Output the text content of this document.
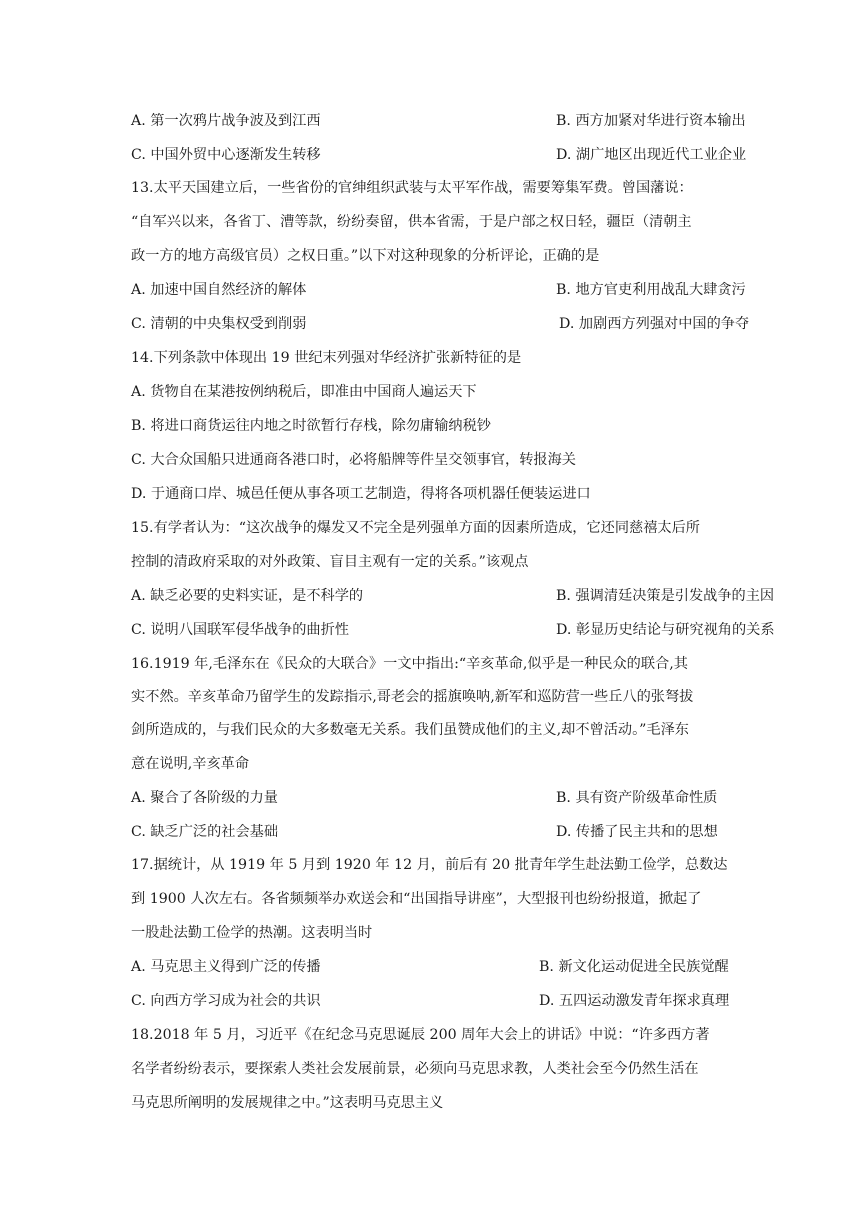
A. 第一次鸦片战争波及到江西	B. 西方加紧对华进行资本输出
C. 中国外贸中心逐渐发生转移	D. 湖广地区出现近代工业企业
13.太平天国建立后，一些省份的官绅组织武装与太平军作战，需要筹集军费。曾国藩说：
“自军兴以来，各省丁、漕等款，纷纷奏留，供本省需，于是户部之权日轻，疆臣（清朝主
政一方的地方高级官员）之权日重。”以下对这种现象的分析评论，正确的是
A. 加速中国自然经济的解体	B. 地方官吏利用战乱大肆贪污
C. 清朝的中央集权受到削弱	D. 加剧西方列强对中国的争夺
14.下列条款中体现出 19 世纪末列强对华经济扩张新特征的是
A. 货物自在某港按例纳税后，即准由中国商人遍运天下
B. 将进口商货运往内地之时欲暂行存栈，除勿庸输纳税钞
C. 大合众国船只进通商各港口时，必将船牌等件呈交领事官，转报海关
D. 于通商口岸、城邑任便从事各项工艺制造，得将各项机器任便装运进口
15.有学者认为：“这次战争的爆发又不完全是列强单方面的因素所造成，它还同慈禧太后所
控制的清政府采取的对外政策、盲目主观有一定的关系。”该观点
A. 缺乏必要的史料实证，是不科学的	B. 强调清廷决策是引发战争的主因
C. 说明八国联军侵华战争的曲折性	D. 彰显历史结论与研究视角的关系
16.1919 年,毛泽东在《民众的大联合》一文中指出:“辛亥革命,似乎是一种民众的联合,其
实不然。辛亥革命乃留学生的发踪指示,哥老会的摇旗唤呐,新军和巡防营一些丘八的张弩拔
剑所造成的，与我们民众的大多数毫无关系。我们虽赞成他们的主义,却不曾活动。”毛泽东
意在说明,辛亥革命
A. 聚合了各阶级的力量	B. 具有资产阶级革命性质
C. 缺乏广泛的社会基础	D. 传播了民主共和的思想
17.据统计，从 1919 年 5 月到 1920 年 12 月，前后有 20 批青年学生赴法勤工俭学，总数达
到 1900 人次左右。各省频频举办欢送会和“出国指导讲座”，大型报刊也纷纷报道，掀起了
一股赴法勤工俭学的热潮。这表明当时
A. 马克思主义得到广泛的传播	B. 新文化运动促进全民族觉醒
C. 向西方学习成为社会的共识	D. 五四运动激发青年探求真理
18.2018 年 5 月，习近平《在纪念马克思诞辰 200 周年大会上的讲话》中说：“许多西方著
名学者纷纷表示，要探索人类社会发展前景，必须向马克思求教，人类社会至今仍然生活在
马克思所阐明的发展规律之中。”这表明马克思主义
